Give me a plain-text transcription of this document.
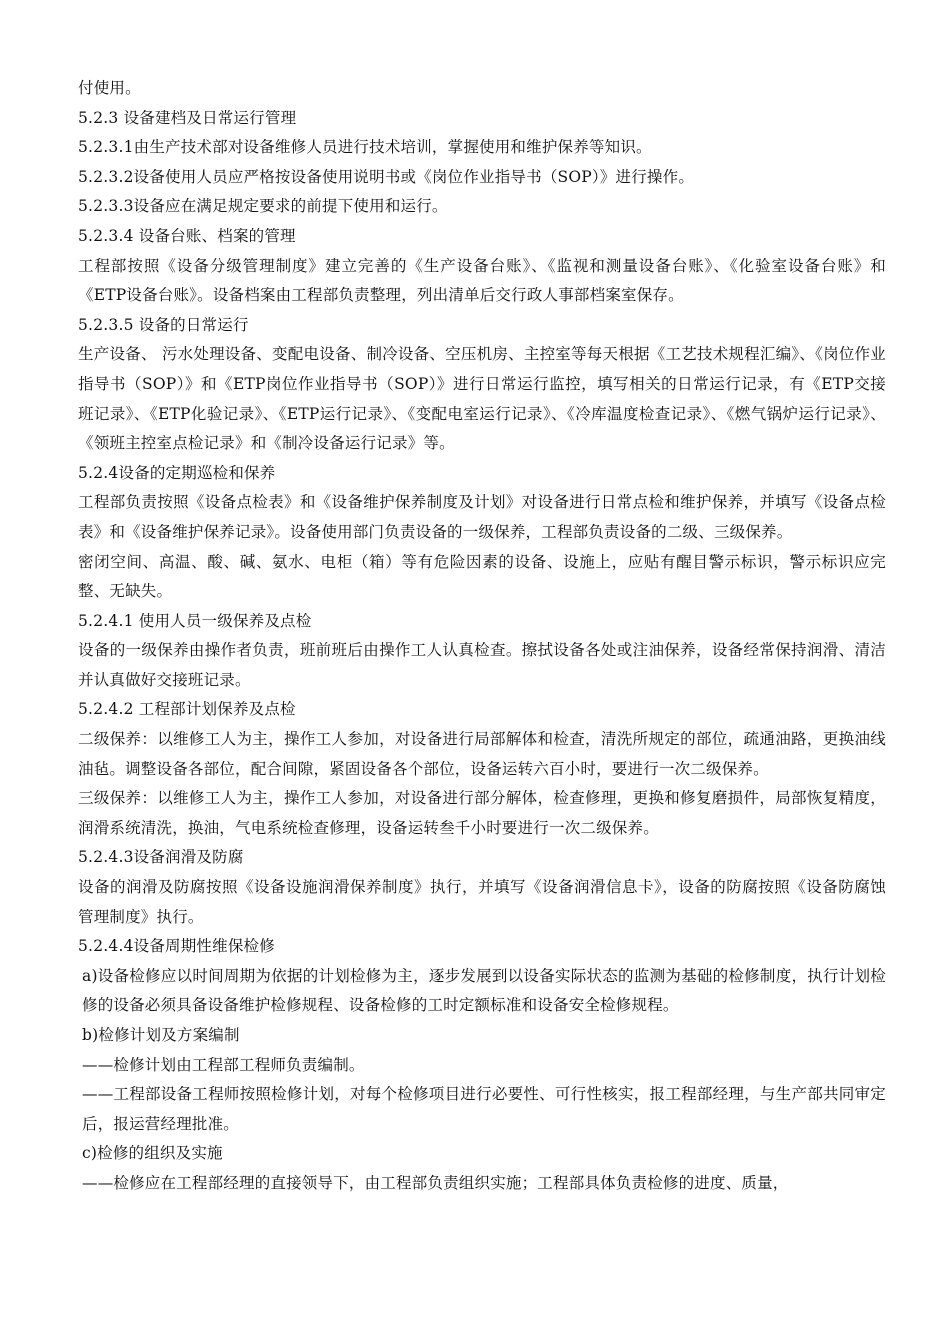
付使用。

5.2.3 设备建档及日常运行管理

5.2.3.1由生产技术部对设备维修人员进行技术培训，掌握使用和维护保养等知识。

5.2.3.2设备使用人员应严格按设备使用说明书或《岗位作业指导书（SOP）》进行操作。

5.2.3.3设备应在满足规定要求的前提下使用和运行。

5.2.3.4 设备台账、档案的管理

工程部按照《设备分级管理制度》建立完善的《生产设备台账》、《监视和测量设备台账》、《化验室设备台账》和《ETP设备台账》。设备档案由工程部负责整理，列出清单后交行政人事部档案室保存。

5.2.3.5 设备的日常运行

生产设备、 污水处理设备、变配电设备、制冷设备、空压机房、主控室等每天根据《工艺技术规程汇编》、《岗位作业指导书（SOP）》和《ETP岗位作业指导书（SOP）》进行日常运行监控，填写相关的日常运行记录，有《ETP交接班记录》、《ETP化验记录》、《ETP运行记录》、《变配电室运行记录》、《冷库温度检查记录》、《燃气锅炉运行记录》、《领班主控室点检记录》和《制冷设备运行记录》等。

5.2.4设备的定期巡检和保养

工程部负责按照《设备点检表》和《设备维护保养制度及计划》对设备进行日常点检和维护保养，并填写《设备点检表》和《设备维护保养记录》。设备使用部门负责设备的一级保养，工程部负责设备的二级、三级保养。

密闭空间、高温、酸、碱、氨水、电柜（箱）等有危险因素的设备、设施上，应贴有醒目警示标识，警示标识应完整、无缺失。

5.2.4.1 使用人员一级保养及点检

设备的一级保养由操作者负责，班前班后由操作工人认真检查。擦拭设备各处或注油保养，设备经常保持润滑、清洁并认真做好交接班记录。

5.2.4.2 工程部计划保养及点检

二级保养：以维修工人为主，操作工人参加，对设备进行局部解体和检查，清洗所规定的部位，疏通油路，更换油线油毡。调整设备各部位，配合间隙，紧固设备各个部位，设备运转六百小时，要进行一次二级保养。

三级保养：以维修工人为主，操作工人参加，对设备进行部分解体，检查修理，更换和修复磨损件，局部恢复精度，润滑系统清洗，换油，气电系统检查修理，设备运转叁千小时要进行一次二级保养。

5.2.4.3设备润滑及防腐

设备的润滑及防腐按照《设备设施润滑保养制度》执行，并填写《设备润滑信息卡》，设备的防腐按照《设备防腐蚀管理制度》执行。

5.2.4.4设备周期性维保检修

a)设备检修应以时间周期为依据的计划检修为主，逐步发展到以设备实际状态的监测为基础的检修制度，执行计划检修的设备必须具备设备维护检修规程、设备检修的工时定额标准和设备安全检修规程。

b)检修计划及方案编制

——检修计划由工程部工程师负责编制。

——工程部设备工程师按照检修计划，对每个检修项目进行必要性、可行性核实，报工程部经理，与生产部共同审定后，报运营经理批准。

c)检修的组织及实施

——检修应在工程部经理的直接领导下，由工程部负责组织实施；工程部具体负责检修的进度、质量，
